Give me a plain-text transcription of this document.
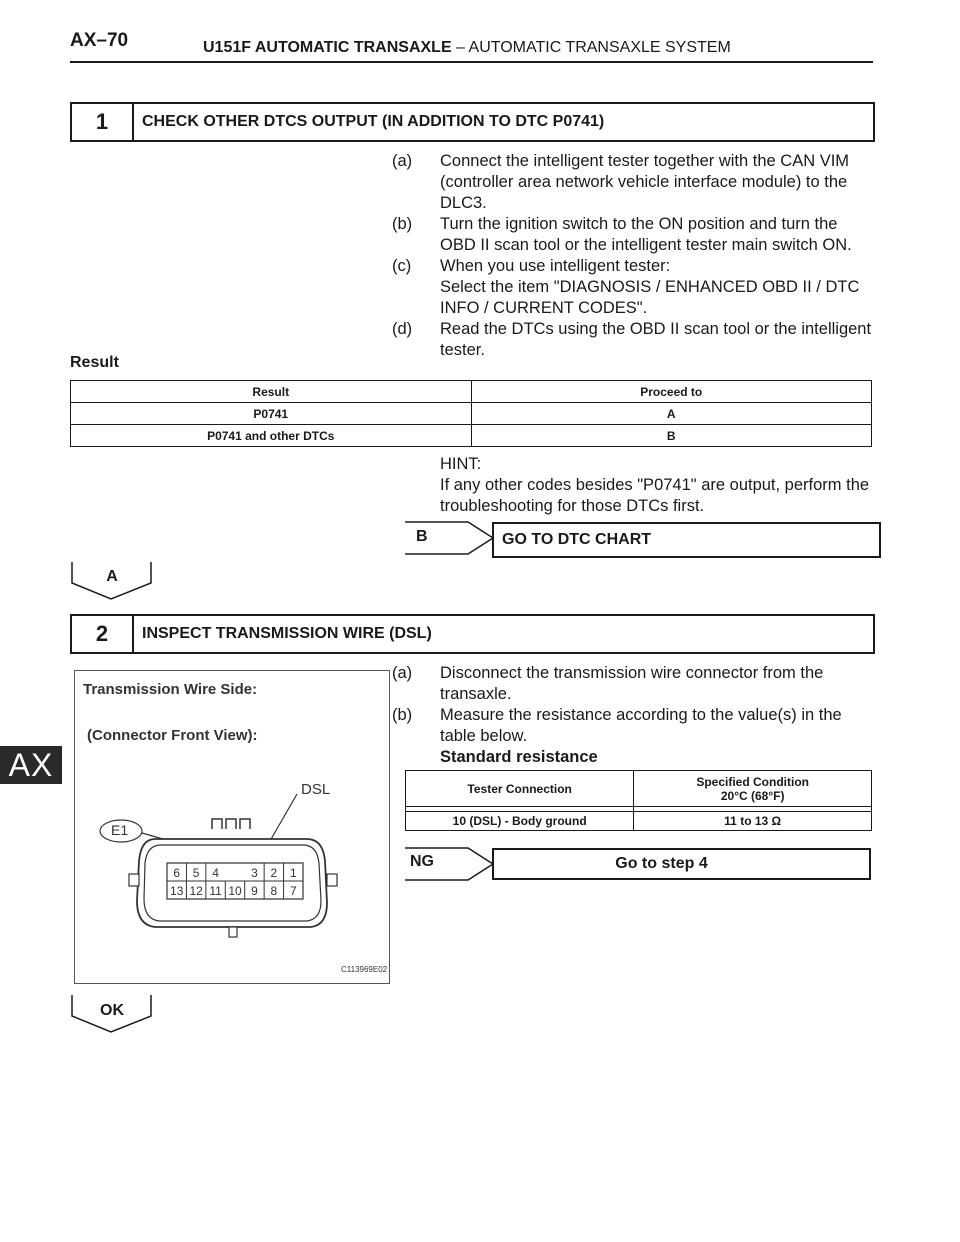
AX–70	U151F AUTOMATIC TRANSAXLE – AUTOMATIC TRANSAXLE SYSTEM
AX
1	CHECK OTHER DTCS OUTPUT (IN ADDITION TO DTC P0741)
(a)	Connect the intelligent tester together with the CAN VIM (controller area network vehicle interface module) to the DLC3.
(b)	Turn the ignition switch to the ON position and turn the OBD II scan tool or the intelligent tester main switch ON.
(c)	When you use intelligent tester:
Select the item "DIAGNOSIS / ENHANCED OBD II / DTC INFO / CURRENT CODES".
(d)	Read the DTCs using the OBD II scan tool or the intelligent tester.
Result
Result	Proceed to
P0741	A
P0741 and other DTCs	B
HINT:
If any other codes besides "P0741" are output, perform the troubleshooting for those DTCs first.
B	GO TO DTC CHART
A
2	INSPECT TRANSMISSION WIRE (DSL)
(a)	Disconnect the transmission wire connector from the transaxle.
(b)	Measure the resistance according to the value(s) in the table below.
Standard resistance
Tester Connection	Specified Condition
20°C (68°F)

10 (DSL) - Body ground	11 to 13 Ω
NG	Go to step 4
OK
Transmission Wire Side:
(Connector Front View):
6 5 4	3 2 1
13 12 11 10 9 8 7
DSL
E1
C113969E02
